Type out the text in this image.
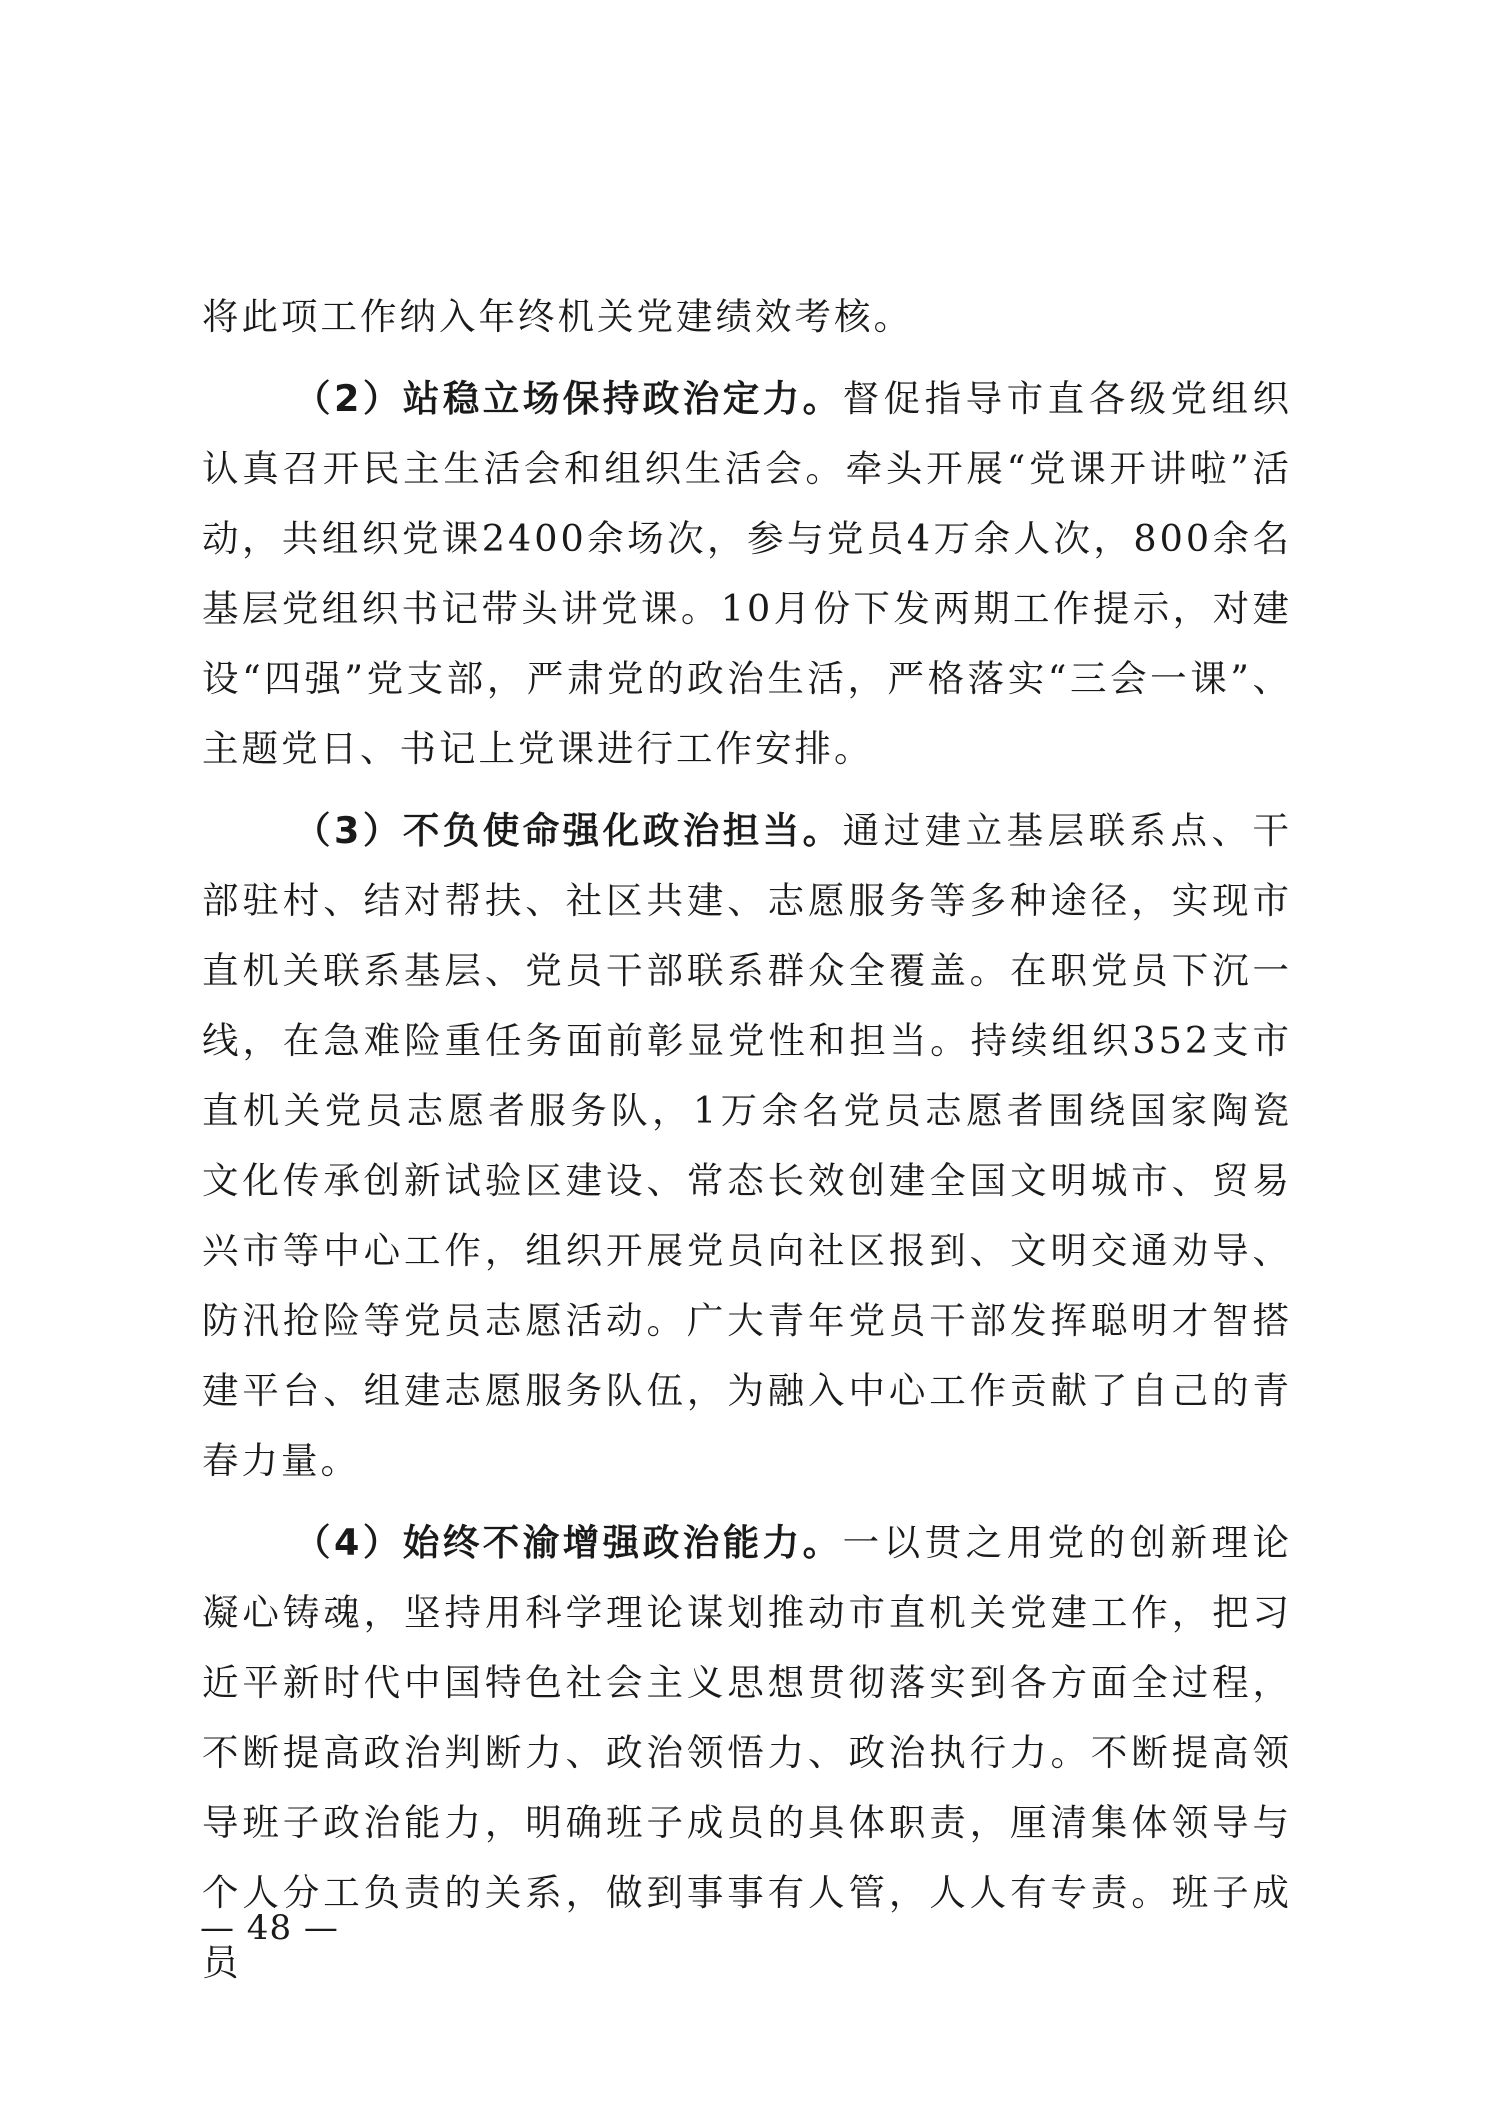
将此项工作纳入年终机关党建绩效考核。

（2）站稳立场保持政治定力。督促指导市直各级党组织认真召开民主生活会和组织生活会。牵头开展“党课开讲啦”活动，共组织党课2400余场次，参与党员4万余人次，800余名基层党组织书记带头讲党课。10月份下发两期工作提示，对建设“四强”党支部，严肃党的政治生活，严格落实“三会一课”、主题党日、书记上党课进行工作安排。

（3）不负使命强化政治担当。通过建立基层联系点、干部驻村、结对帮扶、社区共建、志愿服务等多种途径，实现市直机关联系基层、党员干部联系群众全覆盖。在职党员下沉一线，在急难险重任务面前彰显党性和担当。持续组织352支市直机关党员志愿者服务队，1万余名党员志愿者围绕国家陶瓷文化传承创新试验区建设、常态长效创建全国文明城市、贸易兴市等中心工作，组织开展党员向社区报到、文明交通劝导、防汛抢险等党员志愿活动。广大青年党员干部发挥聪明才智搭建平台、组建志愿服务队伍，为融入中心工作贡献了自己的青春力量。

（4）始终不渝增强政治能力。一以贯之用党的创新理论凝心铸魂，坚持用科学理论谋划推动市直机关党建工作，把习近平新时代中国特色社会主义思想贯彻落实到各方面全过程，不断提高政治判断力、政治领悟力、政治执行力。不断提高领导班子政治能力，明确班子成员的具体职责，厘清集体领导与个人分工负责的关系，做到事事有人管，人人有专责。班子成员

— 48 —
